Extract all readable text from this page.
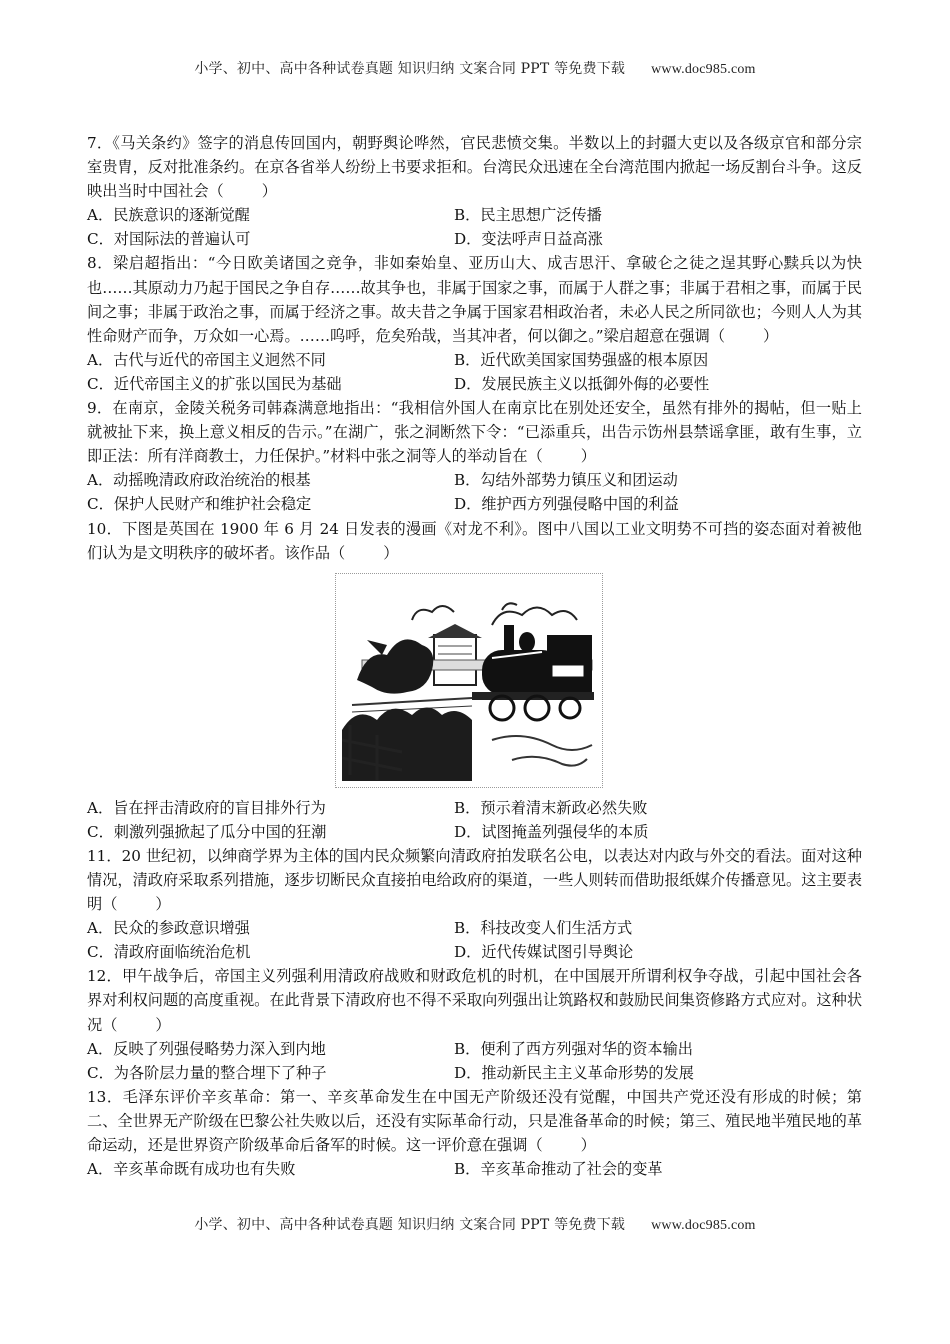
小学、初中、高中各种试卷真题 知识归纳 文案合同 PPT 等免费下载 www.doc985.com

7．《马关条约》签字的消息传回国内，朝野舆论哗然，官民悲愤交集。半数以上的封疆大吏以及各级京官和部分宗室贵胄，反对批准条约。在京各省举人纷纷上书要求拒和。台湾民众迅速在全台湾范围内掀起一场反割台斗争。这反映出当时中国社会（	）

A．民族意识的逐渐觉醒	B．民主思想广泛传播
C．对国际法的普遍认可	D．变法呼声日益高涨

8．梁启超指出：“今日欧美诸国之竞争，非如秦始皇、亚历山大、成吉思汗、拿破仑之徒之逞其野心黩兵以为快也……其原动力乃起于国民之争自存……故其争也，非属于国家之事，而属于人群之事；非属于君相之事，而属于民间之事；非属于政治之事，而属于经济之事。故夫昔之争属于国家君相政治者，未必人民之所同欲也；今则人人为其性命财产而争，万众如一心焉。……呜呼，危矣殆哉，当其冲者，何以御之。”梁启超意在强调（	）

A．古代与近代的帝国主义迥然不同	B．近代欧美国家国势强盛的根本原因
C．近代帝国主义的扩张以国民为基础	D．发展民族主义以抵御外侮的必要性

9．在南京，金陵关税务司韩森满意地指出：“我相信外国人在南京比在别处还安全，虽然有排外的揭帖，但一贴上就被扯下来，换上意义相反的告示。”在湖广，张之洞断然下令：“已添重兵，出告示饬州县禁谣拿匪，敢有生事，立即正法：所有洋商教士，力任保护。”材料中张之洞等人的举动旨在（	）

A．动摇晚清政府政治统治的根基	B．勾结外部势力镇压义和团运动
C．保护人民财产和维护社会稳定	D．维护西方列强侵略中国的利益

10．下图是英国在 1900 年 6 月 24 日发表的漫画《对龙不利》。图中八国以工业文明势不可挡的姿态面对着被他们认为是文明秩序的破坏者。该作品（	）

A．旨在抨击清政府的盲目排外行为	B．预示着清末新政必然失败
C．刺激列强掀起了瓜分中国的狂潮	D．试图掩盖列强侵华的本质

11．20 世纪初，以绅商学界为主体的国内民众频繁向清政府拍发联名公电，以表达对内政与外交的看法。面对这种情况，清政府采取系列措施，逐步切断民众直接拍电给政府的渠道，一些人则转而借助报纸媒介传播意见。这主要表明（	）

A．民众的参政意识增强	B．科技改变人们生活方式
C．清政府面临统治危机	D．近代传媒试图引导舆论

12．甲午战争后，帝国主义列强利用清政府战败和财政危机的时机，在中国展开所谓利权争夺战，引起中国社会各界对利权问题的高度重视。在此背景下清政府也不得不采取向列强出让筑路权和鼓励民间集资修路方式应对。这种状况（	）

A．反映了列强侵略势力深入到内地	B．便利了西方列强对华的资本输出
C．为各阶层力量的整合埋下了种子	D．推动新民主主义革命形势的发展

13．毛泽东评价辛亥革命：第一、辛亥革命发生在中国无产阶级还没有觉醒，中国共产党还没有形成的时候；第二、全世界无产阶级在巴黎公社失败以后，还没有实际革命行动，只是准备革命的时候；第三、殖民地半殖民地的革命运动，还是世界资产阶级革命后备军的时候。这一评价意在强调（	）

A．辛亥革命既有成功也有失败	B．辛亥革命推动了社会的变革
小学、初中、高中各种试卷真题 知识归纳 文案合同 PPT 等免费下载 www.doc985.com
